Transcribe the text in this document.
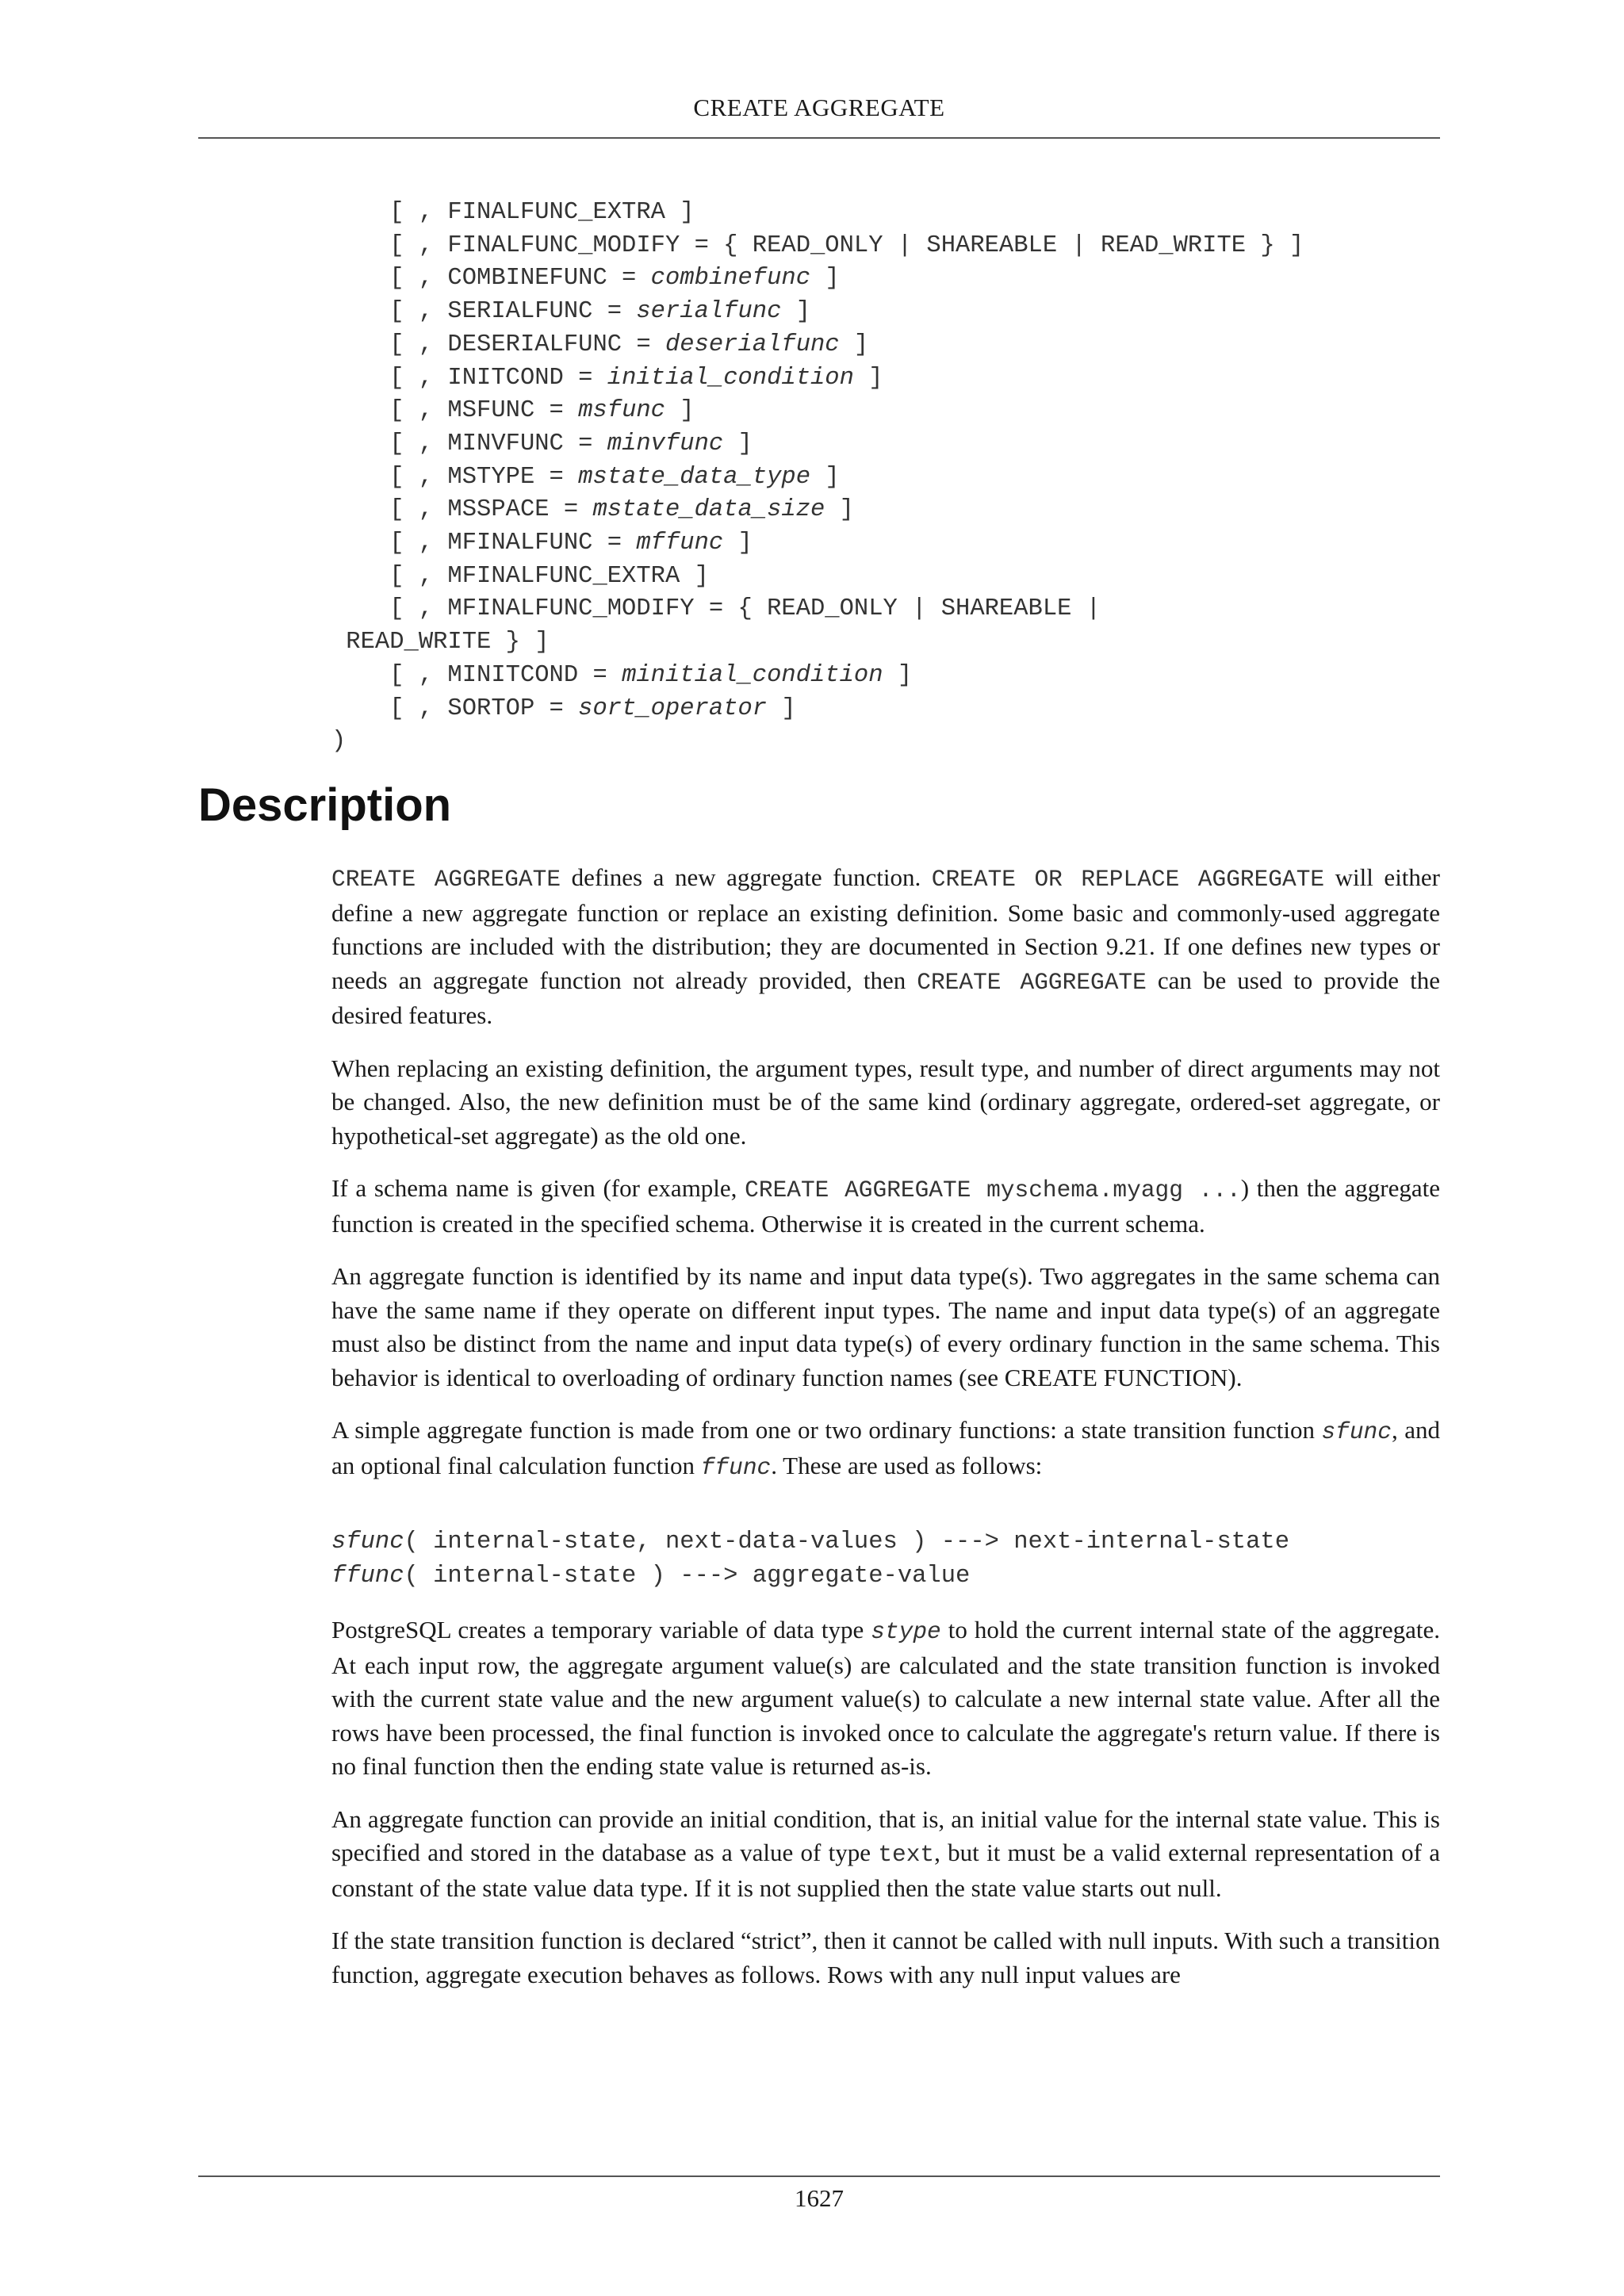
CREATE AGGREGATE
[ , FINALFUNC_EXTRA ]
[ , FINALFUNC_MODIFY = { READ_ONLY | SHAREABLE | READ_WRITE } ]
[ , COMBINEFUNC = combinefunc ]
[ , SERIALFUNC = serialfunc ]
[ , DESERIALFUNC = deserialfunc ]
[ , INITCOND = initial_condition ]
[ , MSFUNC = msfunc ]
[ , MINVFUNC = minvfunc ]
[ , MSTYPE = mstate_data_type ]
[ , MSSPACE = mstate_data_size ]
[ , MFINALFUNC = mffunc ]
[ , MFINALFUNC_EXTRA ]
[ , MFINALFUNC_MODIFY = { READ_ONLY | SHAREABLE |
READ_WRITE } ]
[ , MINITCOND = minitial_condition ]
[ , SORTOP = sort_operator ]
)
Description

CREATE AGGREGATE defines a new aggregate function. CREATE OR REPLACE AGGREGATE will either define a new aggregate function or replace an existing definition. Some basic and commonly-used aggregate functions are included with the distribution; they are documented in Section 9.21. If one defines new types or needs an aggregate function not already provided, then CREATE AGGREGATE can be used to provide the desired features.

When replacing an existing definition, the argument types, result type, and number of direct arguments may not be changed. Also, the new definition must be of the same kind (ordinary aggregate, ordered-set aggregate, or hypothetical-set aggregate) as the old one.

If a schema name is given (for example, CREATE AGGREGATE myschema.myagg ...) then the aggregate function is created in the specified schema. Otherwise it is created in the current schema.

An aggregate function is identified by its name and input data type(s). Two aggregates in the same schema can have the same name if they operate on different input types. The name and input data type(s) of an aggregate must also be distinct from the name and input data type(s) of every ordinary function in the same schema. This behavior is identical to overloading of ordinary function names (see CREATE FUNCTION).

A simple aggregate function is made from one or two ordinary functions: a state transition function sfunc, and an optional final calculation function ffunc. These are used as follows:

sfunc( internal-state, next-data-values ) ---> next-internal-state
ffunc( internal-state ) ---> aggregate-value

PostgreSQL creates a temporary variable of data type stype to hold the current internal state of the aggregate. At each input row, the aggregate argument value(s) are calculated and the state transition function is invoked with the current state value and the new argument value(s) to calculate a new internal state value. After all the rows have been processed, the final function is invoked once to calculate the aggregate's return value. If there is no final function then the ending state value is returned as-is.

An aggregate function can provide an initial condition, that is, an initial value for the internal state value. This is specified and stored in the database as a value of type text, but it must be a valid external representation of a constant of the state value data type. If it is not supplied then the state value starts out null.

If the state transition function is declared “strict”, then it cannot be called with null inputs. With such a transition function, aggregate execution behaves as follows. Rows with any null input values are

1627
